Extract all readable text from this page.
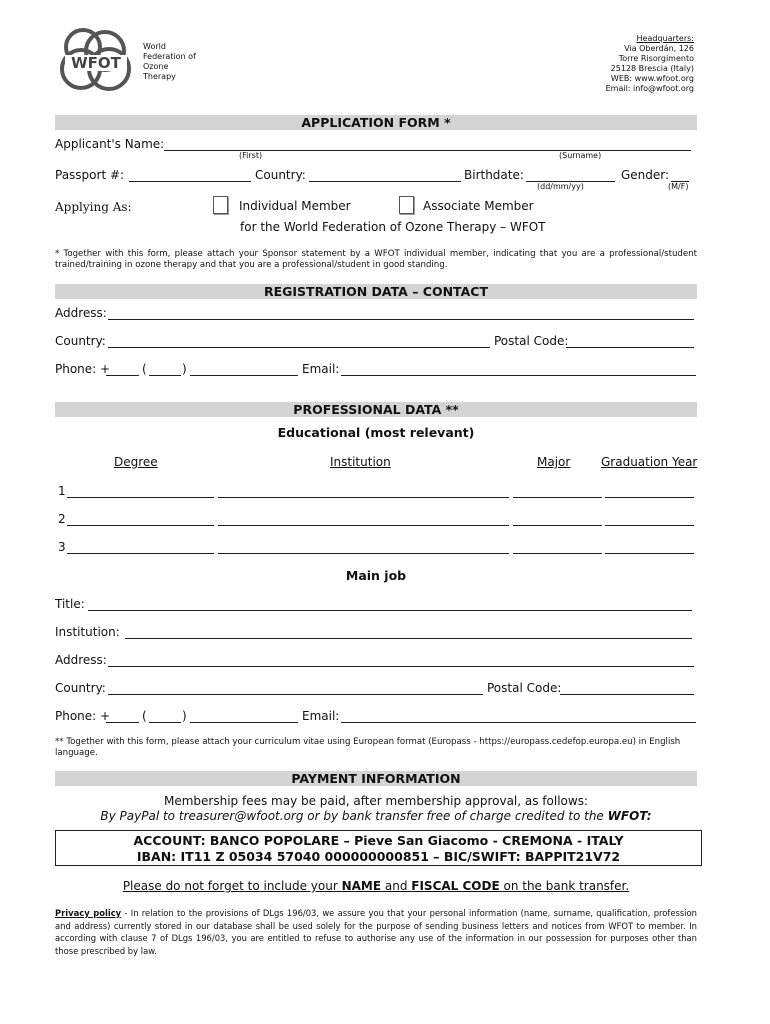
WFOT
World
Federation of
Ozone
Therapy
Headquarters:
Via Oberdán, 126
Torre Risorgimento
25128 Brescia (Italy)
WEB: www.wfoot.org
Email: info@wfoot.org
APPLICATION FORM *
Applicant's Name:
(First)	(Surname)
Passport #:	Country:	Birthdate:	Gender:
(dd/mm/yy)	(M/F)
Applying As:	Individual Member	Associate Member
for the World Federation of Ozone Therapy – WFOT
* Together with this form, please attach your Sponsor statement by a WFOT individual member, indicating that you are a professional/student trained/training in ozone therapy and that you are a professional/student in good standing.
REGISTRATION DATA – CONTACT
Address:
Country:	Postal Code:
Phone: +	(	)	Email:
PROFESSIONAL DATA **
Educational (most relevant)
Degree	Institution	Major	Graduation Year
1
2
3
Main job
Title:
Institution:
Address:
Country:	Postal Code:
Phone: +	(	)	Email:
** Together with this form, please attach your curriculum vitae using European format (Europass - https://europass.cedefop.europa.eu) in English language.
PAYMENT INFORMATION
Membership fees may be paid, after membership approval, as follows:
By PayPal to treasurer@wfoot.org or by bank transfer free of charge credited to the WFOT:
ACCOUNT: BANCO POPOLARE – Pieve San Giacomo - CREMONA - ITALY
IBAN: IT11 Z 05034 57040 000000000851 – BIC/SWIFT: BAPPIT21V72
Please do not forget to include your NAME and FISCAL CODE on the bank transfer.
Privacy policy - In relation to the provisions of DLgs 196/03, we assure you that your personal information (name, surname, qualification, profession and address) currently stored in our database shall be used solely for the purpose of sending business letters and notices from WFOT to member. In according with clause 7 of DLgs 196/03, you are entitled to refuse to authorise any use of the information in our possession for purposes other than those prescribed by law.
